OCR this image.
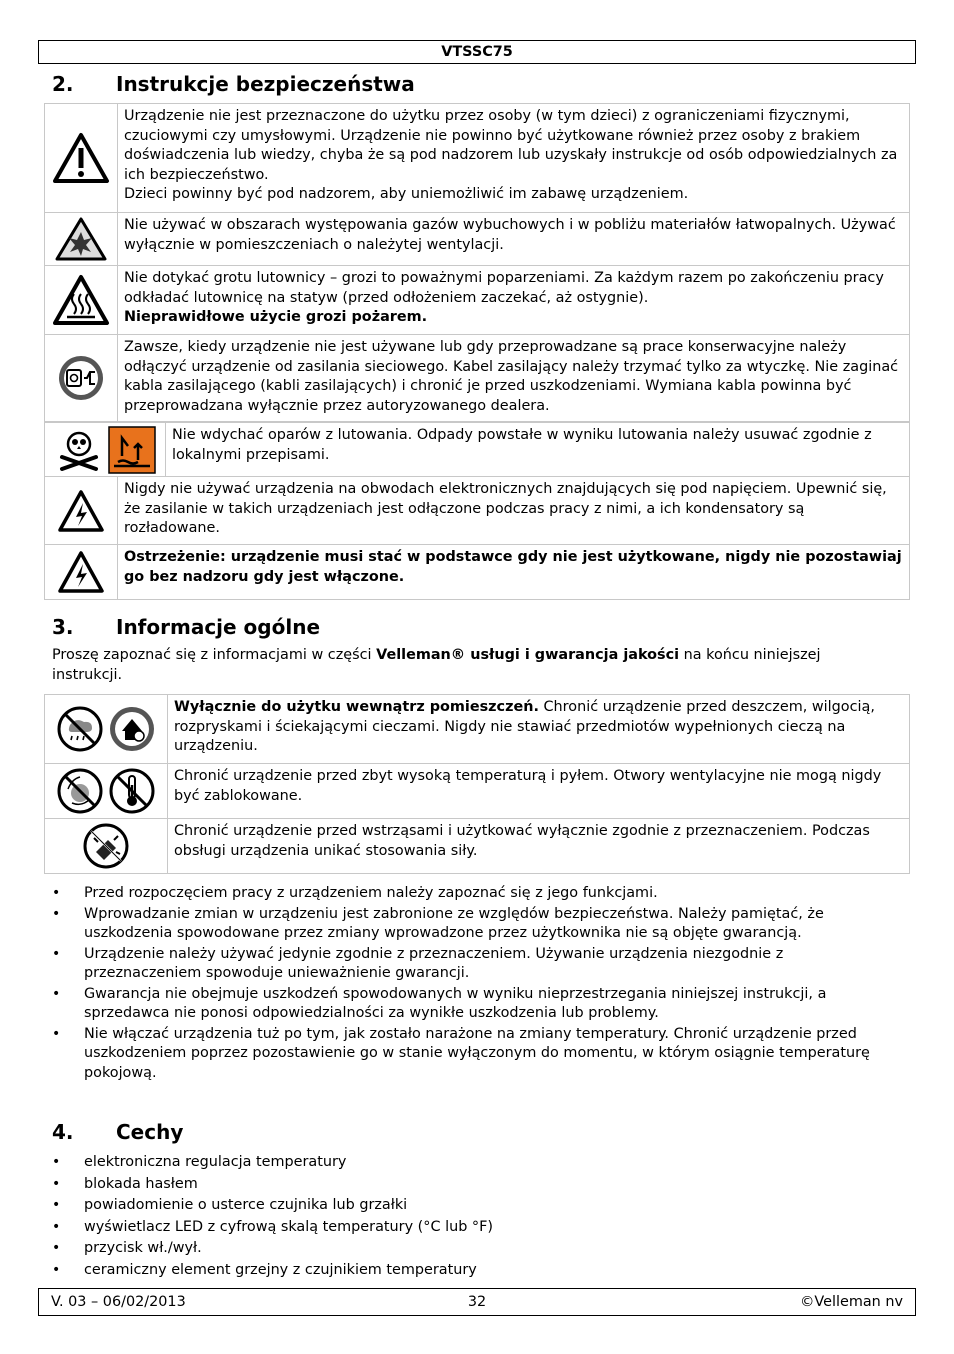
VTSSC75
2. Instrukcje bezpieczeństwa

Urządzenie nie jest przeznaczone do użytku przez osoby (w tym dzieci) z ograniczeniami fizycznymi, czuciowymi czy umysłowymi. Urządzenie nie powinno być użytkowane również przez osoby z brakiem doświadczenia lub wiedzy, chyba że są pod nadzorem lub uzyskały instrukcje od osób odpowiedzialnych za ich bezpieczeństwo.
Dzieci powinny być pod nadzorem, aby uniemożliwić im zabawę urządzeniem.

Nie używać w obszarach występowania gazów wybuchowych i w pobliżu materiałów łatwopalnych. Używać wyłącznie w pomieszczeniach o należytej wentylacji.

Nie dotykać grotu lutownicy – grozi to poważnymi poparzeniami. Za każdym razem po zakończeniu pracy odkładać lutownicę na statyw (przed odłożeniem zaczekać, aż ostygnie).
Nieprawidłowe użycie grozi pożarem.

Zawsze, kiedy urządzenie nie jest używane lub gdy przeprowadzane są prace konserwacyjne należy odłączyć urządzenie od zasilania sieciowego. Kabel zasilający należy trzymać tylko za wtyczkę. Nie zaginać kabla zasilającego (kabli zasilających) i chronić je przed uszkodzeniami. Wymiana kabla powinna być przeprowadzana wyłącznie przez autoryzowanego dealera.

Nie wdychać oparów z lutowania. Odpady powstałe w wyniku lutowania należy usuwać zgodnie z lokalnymi przepisami.

Nigdy nie używać urządzenia na obwodach elektronicznych znajdujących się pod napięciem. Upewnić się, że zasilanie w takich urządzeniach jest odłączone podczas pracy z nimi, a ich kondensatory są rozładowane.

	Ostrzeżenie: urządzenie musi stać w podstawce gdy nie jest użytkowane, nigdy nie pozostawiaj go bez nadzoru gdy jest włączone.
3. Informacje ogólne

Proszę zapoznać się z informacjami w części Velleman® usługi i gwarancja jakości na końcu niniejszej instrukcji.

	Wyłącznie do użytku wewnątrz pomieszczeń. Chronić urządzenie przed deszczem, wilgocią, rozpryskami i ściekającymi cieczami. Nigdy nie stawiać przedmiotów wypełnionych cieczą na urządzeniu.

Chronić urządzenie przed zbyt wysoką temperaturą i pyłem. Otwory wentylacyjne nie mogą nigdy być zablokowane.

Chronić urządzenie przed wstrząsami i użytkować wyłącznie zgodnie z przeznaczeniem. Podczas obsługi urządzenia unikać stosowania siły.
• Przed rozpoczęciem pracy z urządzeniem należy zapoznać się z jego funkcjami.
• Wprowadzanie zmian w urządzeniu jest zabronione ze względów bezpieczeństwa. Należy pamiętać, że uszkodzenia spowodowane przez zmiany wprowadzone przez użytkownika nie są objęte gwarancją.
• Urządzenie należy używać jedynie zgodnie z przeznaczeniem. Używanie urządzenia niezgodnie z przeznaczeniem spowoduje unieważnienie gwarancji.
• Gwarancja nie obejmuje uszkodzeń spowodowanych w wyniku nieprzestrzegania niniejszej instrukcji, a sprzedawca nie ponosi odpowiedzialności za wynikłe uszkodzenia lub problemy.
• Nie włączać urządzenia tuż po tym, jak zostało narażone na zmiany temperatury. Chronić urządzenie przed uszkodzeniem poprzez pozostawienie go w stanie wyłączonym do momentu, w którym osiągnie temperaturę pokojową.
4. Cechy
• elektroniczna regulacja temperatury
• blokada hasłem
• powiadomienie o usterce czujnika lub grzałki
• wyświetlacz LED z cyfrową skalą temperatury (°C lub °F)
• przycisk wł./wył.
• ceramiczny element grzejny z czujnikiem temperatury
V. 03 – 06/02/2013	32	©Velleman nv
